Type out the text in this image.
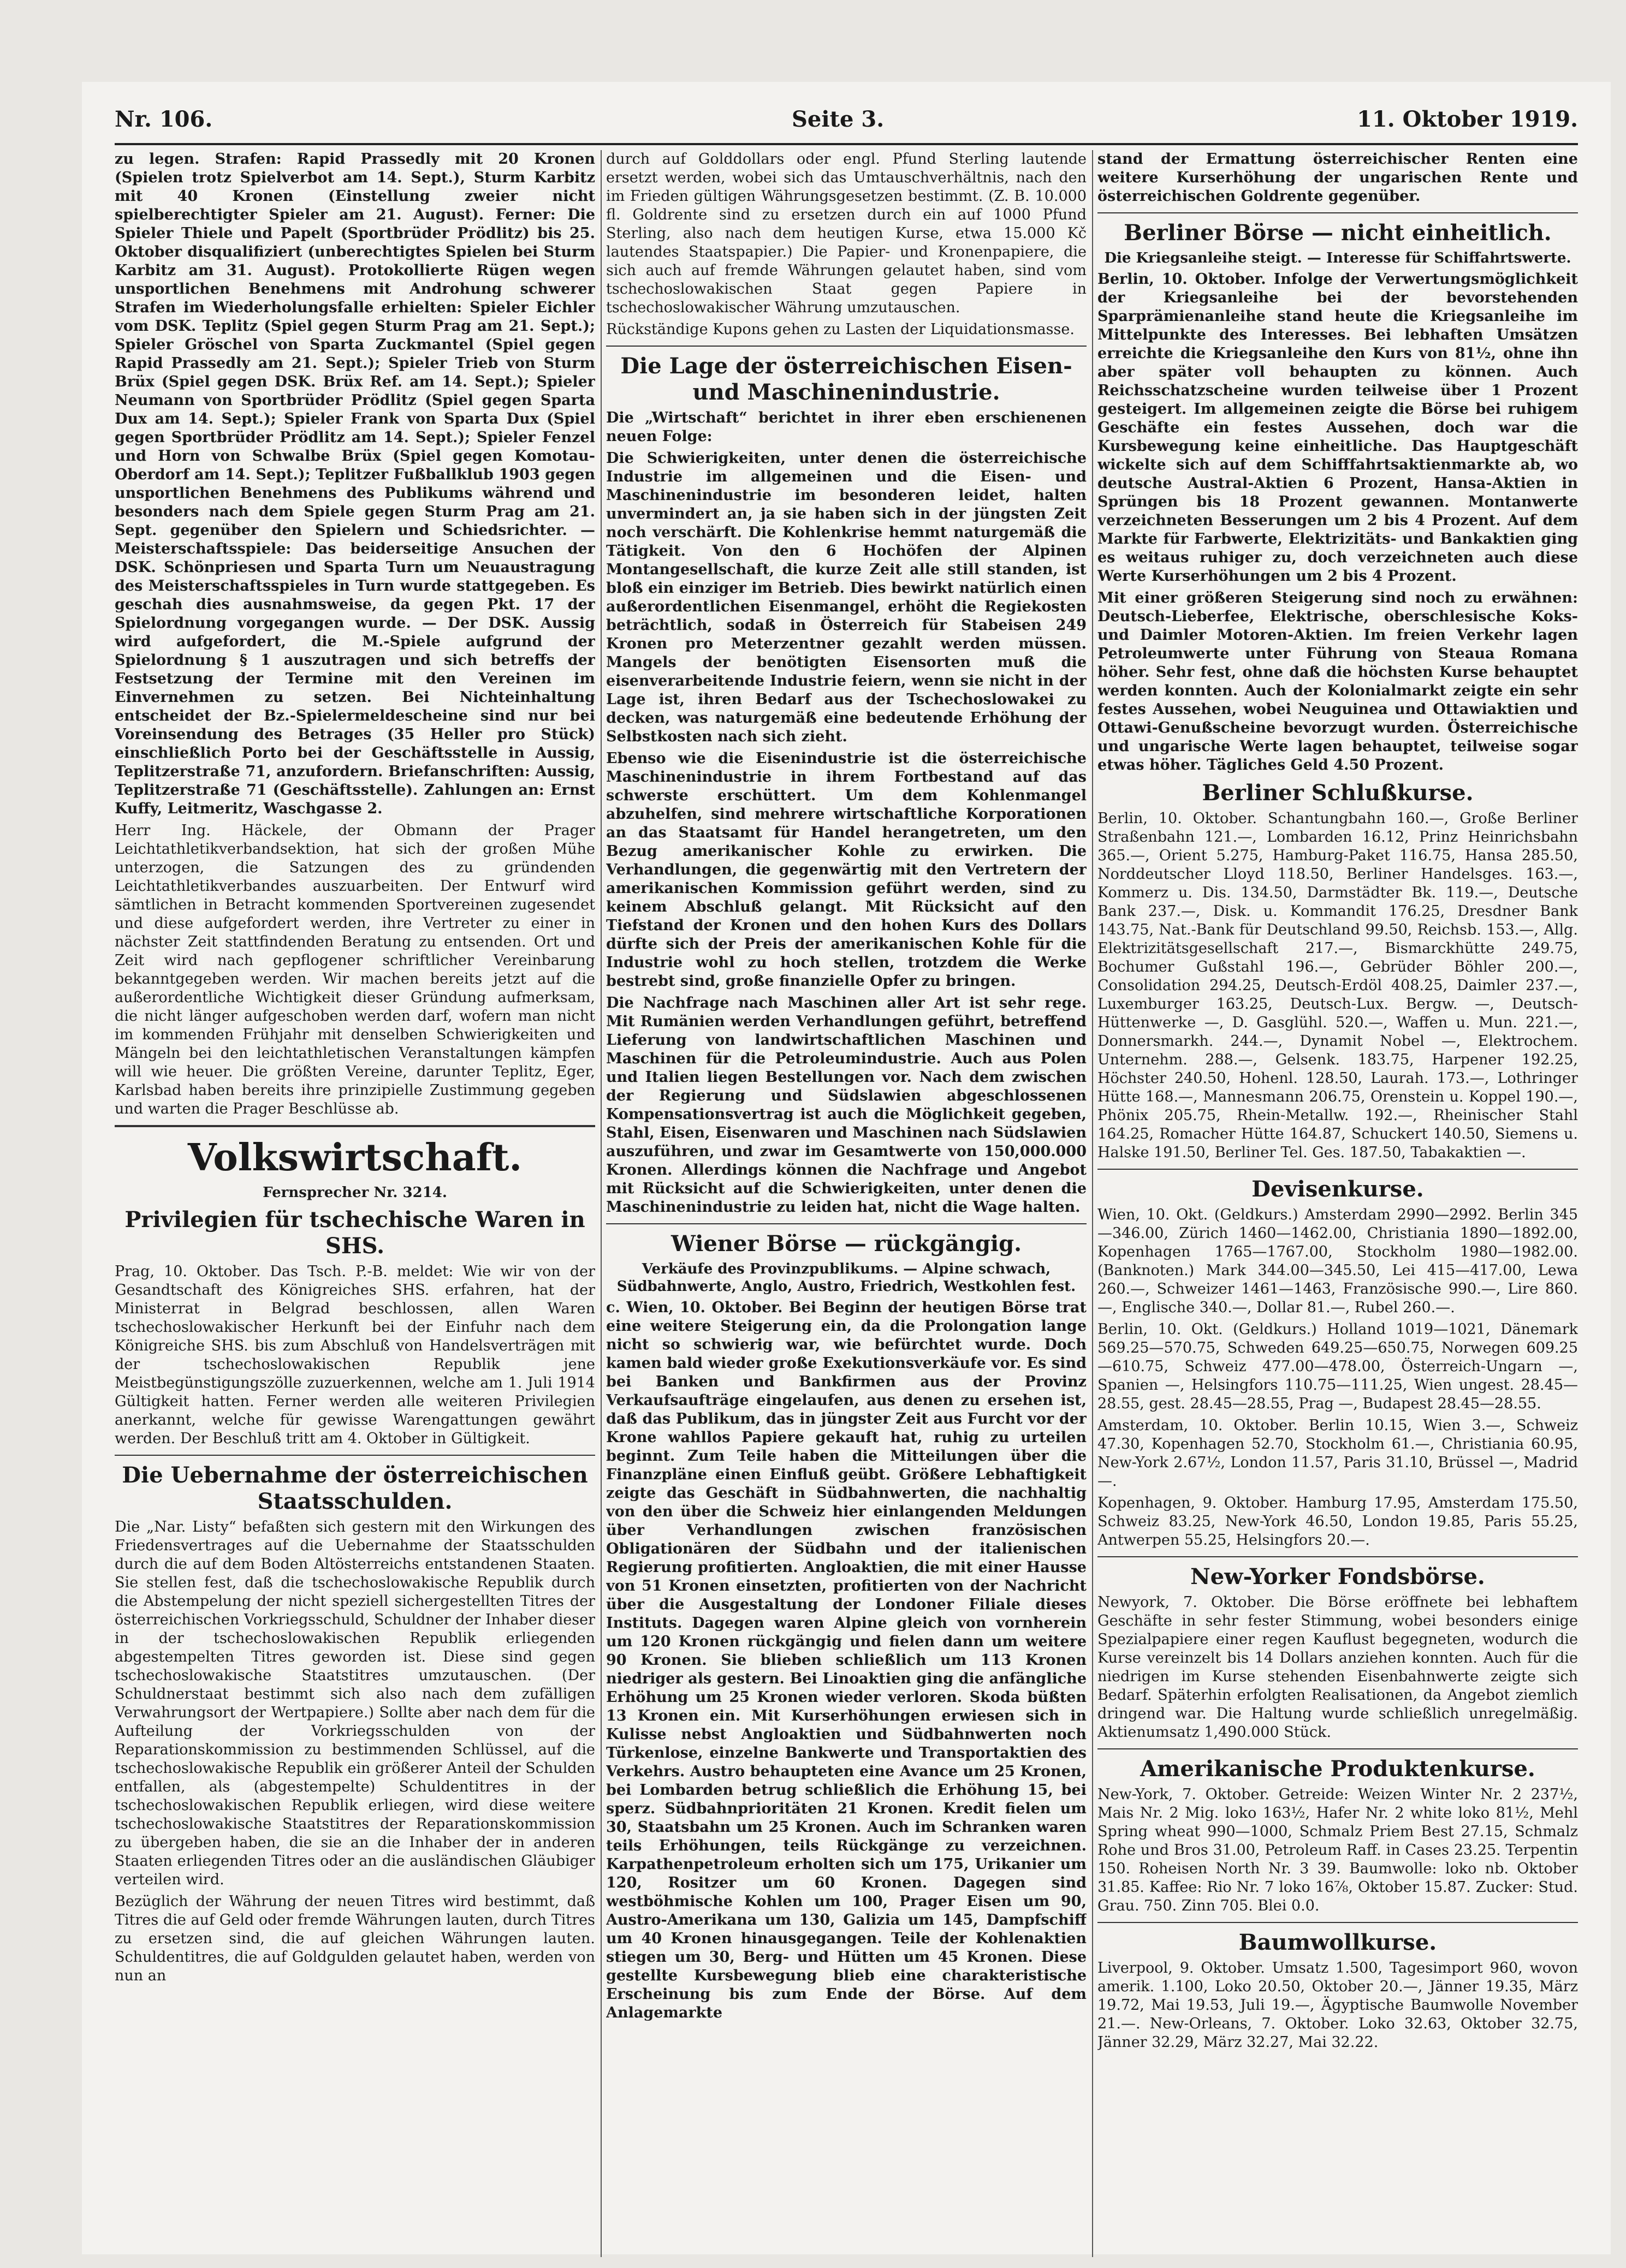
Nr. 106.	Seite 3.	11. Oktober 1919.

zu legen. Strafen: Rapid Prassedly mit 20 Kronen (Spielen trotz Spielverbot am 14. Sept.), Sturm Karbitz mit 40 Kronen (Einstellung zweier nicht spielberechtigter Spieler am 21. August). Ferner: Die Spieler Thiele und Papelt (Sportbrüder Prödlitz) bis 25. Oktober disqualifiziert (unberechtigtes Spielen bei Sturm Karbitz am 31. August). Protokollierte Rügen wegen unsportlichen Benehmens mit Androhung schwerer Strafen im Wiederholungsfalle erhielten: Spieler Eichler vom DSK. Teplitz (Spiel gegen Sturm Prag am 21. Sept.); Spieler Gröschel von Sparta Zuckmantel (Spiel gegen Rapid Prassedly am 21. Sept.); Spieler Trieb von Sturm Brüx (Spiel gegen DSK. Brüx Ref. am 14. Sept.); Spieler Neumann von Sportbrüder Prödlitz (Spiel gegen Sparta Dux am 14. Sept.); Spieler Frank von Sparta Dux (Spiel gegen Sportbrüder Prödlitz am 14. Sept.); Spieler Fenzel und Horn von Schwalbe Brüx (Spiel gegen Komotau-Oberdorf am 14. Sept.); Teplitzer Fußballklub 1903 gegen unsportlichen Benehmens des Publikums während und besonders nach dem Spiele gegen Sturm Prag am 21. Sept. gegenüber den Spielern und Schiedsrichter. — Meisterschaftsspiele: Das beiderseitige Ansuchen der DSK. Schönpriesen und Sparta Turn um Neuaustragung des Meisterschaftsspieles in Turn wurde stattgegeben. Es geschah dies ausnahmsweise, da gegen Pkt. 17 der Spielordnung vorgegangen wurde. — Der DSK. Aussig wird aufgefordert, die M.-Spiele aufgrund der Spielordnung § 1 auszutragen und sich betreffs der Festsetzung der Termine mit den Vereinen im Einvernehmen zu setzen. Bei Nichteinhaltung entscheidet der Bz.-Spielermeldescheine sind nur bei Voreinsendung des Betrages (35 Heller pro Stück) einschließlich Porto bei der Geschäftsstelle in Aussig, Teplitzerstraße 71, anzufordern. Briefanschriften: Aussig, Teplitzerstraße 71 (Geschäftsstelle). Zahlungen an: Ernst Kuffy, Leitmeritz, Waschgasse 2.

Herr Ing. Häckele, der Obmann der Prager Leichtathletikverbandsektion, hat sich der großen Mühe unterzogen, die Satzungen des zu gründenden Leichtathletikverbandes auszuarbeiten. Der Entwurf wird sämtlichen in Betracht kommenden Sportvereinen zugesendet und diese aufgefordert werden, ihre Vertreter zu einer in nächster Zeit stattfindenden Beratung zu entsenden. Ort und Zeit wird nach gepflogener schriftlicher Vereinbarung bekanntgegeben werden. Wir machen bereits jetzt auf die außerordentliche Wichtigkeit dieser Gründung aufmerksam, die nicht länger aufgeschoben werden darf, wofern man nicht im kommenden Frühjahr mit denselben Schwierigkeiten und Mängeln bei den leichtathletischen Veranstaltungen kämpfen will wie heuer. Die größten Vereine, darunter Teplitz, Eger, Karlsbad haben bereits ihre prinzipielle Zustimmung gegeben und warten die Prager Beschlüsse ab.

Volkswirtschaft.
Fernsprecher Nr. 3214.
Privilegien für tschechische Waren in SHS.

Prag, 10. Oktober. Das Tsch. P.-B. meldet: Wie wir von der Gesandtschaft des Königreiches SHS. erfahren, hat der Ministerrat in Belgrad beschlossen, allen Waren tschechoslowakischer Herkunft bei der Einfuhr nach dem Königreiche SHS. bis zum Abschluß von Handelsverträgen mit der tschechoslowakischen Republik jene Meistbegünstigungszölle zuzuerkennen, welche am 1. Juli 1914 Gültigkeit hatten. Ferner werden alle weiteren Privilegien anerkannt, welche für gewisse Warengattungen gewährt werden. Der Beschluß tritt am 4. Oktober in Gültigkeit.

Die Uebernahme der österreichischen Staatsschulden.

Die „Nar. Listy“ befaßten sich gestern mit den Wirkungen des Friedensvertrages auf die Uebernahme der Staatsschulden durch die auf dem Boden Altösterreichs entstandenen Staaten. Sie stellen fest, daß die tschechoslowakische Republik durch die Abstempelung der nicht speziell sichergestellten Titres der österreichischen Vorkriegsschuld, Schuldner der Inhaber dieser in der tschechoslowakischen Republik erliegenden abgestempelten Titres geworden ist. Diese sind gegen tschechoslowakische Staatstitres umzutauschen. (Der Schuldnerstaat bestimmt sich also nach dem zufälligen Verwahrungsort der Wertpapiere.) Sollte aber nach dem für die Aufteilung der Vorkriegsschulden von der Reparationskommission zu bestimmenden Schlüssel, auf die tschechoslowakische Republik ein größerer Anteil der Schulden entfallen, als (abgestempelte) Schuldentitres in der tschechoslowakischen Republik erliegen, wird diese weitere tschechoslowakische Staatstitres der Reparationskommission zu übergeben haben, die sie an die Inhaber der in anderen Staaten erliegenden Titres oder an die ausländischen Gläubiger verteilen wird.

Bezüglich der Währung der neuen Titres wird bestimmt, daß Titres die auf Geld oder fremde Währungen lauten, durch Titres zu ersetzen sind, die auf gleichen Währungen lauten. Schuldentitres, die auf Goldgulden gelautet haben, werden von nun an

durch auf Golddollars oder engl. Pfund Sterling lautende ersetzt werden, wobei sich das Umtauschverhältnis, nach den im Frieden gültigen Währungsgesetzen bestimmt. (Z. B. 10.000 fl. Goldrente sind zu ersetzen durch ein auf 1000 Pfund Sterling, also nach dem heutigen Kurse, etwa 15.000 Kč lautendes Staatspapier.) Die Papier- und Kronenpapiere, die sich auch auf fremde Währungen gelautet haben, sind vom tschechoslowakischen Staat gegen Papiere in tschechoslowakischer Währung umzutauschen.

Rückständige Kupons gehen zu Lasten der Liquidationsmasse.

Die Lage der österreichischen Eisen- und Maschinenindustrie.

Die „Wirtschaft“ berichtet in ihrer eben erschienenen neuen Folge:

Die Schwierigkeiten, unter denen die österreichische Industrie im allgemeinen und die Eisen- und Maschinenindustrie im besonderen leidet, halten unvermindert an, ja sie haben sich in der jüngsten Zeit noch verschärft. Die Kohlenkrise hemmt naturgemäß die Tätigkeit. Von den 6 Hochöfen der Alpinen Montangesellschaft, die kurze Zeit alle still standen, ist bloß ein einziger im Betrieb. Dies bewirkt natürlich einen außerordentlichen Eisenmangel, erhöht die Regiekosten beträchtlich, sodaß in Österreich für Stabeisen 249 Kronen pro Meterzentner gezahlt werden müssen. Mangels der benötigten Eisensorten muß die eisenverarbeitende Industrie feiern, wenn sie nicht in der Lage ist, ihren Bedarf aus der Tschechoslowakei zu decken, was naturgemäß eine bedeutende Erhöhung der Selbstkosten nach sich zieht.

Ebenso wie die Eisenindustrie ist die österreichische Maschinenindustrie in ihrem Fortbestand auf das schwerste erschüttert. Um dem Kohlenmangel abzuhelfen, sind mehrere wirtschaftliche Korporationen an das Staatsamt für Handel herangetreten, um den Bezug amerikanischer Kohle zu erwirken. Die Verhandlungen, die gegenwärtig mit den Vertretern der amerikanischen Kommission geführt werden, sind zu keinem Abschluß gelangt. Mit Rücksicht auf den Tiefstand der Kronen und den hohen Kurs des Dollars dürfte sich der Preis der amerikanischen Kohle für die Industrie wohl zu hoch stellen, trotzdem die Werke bestrebt sind, große finanzielle Opfer zu bringen.

Die Nachfrage nach Maschinen aller Art ist sehr rege. Mit Rumänien werden Verhandlungen geführt, betreffend Lieferung von landwirtschaftlichen Maschinen und Maschinen für die Petroleumindustrie. Auch aus Polen und Italien liegen Bestellungen vor. Nach dem zwischen der Regierung und Südslawien abgeschlossenen Kompensationsvertrag ist auch die Möglichkeit gegeben, Stahl, Eisen, Eisenwaren und Maschinen nach Südslawien auszuführen, und zwar im Gesamtwerte von 150,000.000 Kronen. Allerdings können die Nachfrage und Angebot mit Rücksicht auf die Schwierigkeiten, unter denen die Maschinenindustrie zu leiden hat, nicht die Wage halten.

Wiener Börse — rückgängig.
Verkäufe des Provinzpublikums. — Alpine schwach, Südbahnwerte, Anglo, Austro, Friedrich, Westkohlen fest.

c. Wien, 10. Oktober. Bei Beginn der heutigen Börse trat eine weitere Steigerung ein, da die Prolongation lange nicht so schwierig war, wie befürchtet wurde. Doch kamen bald wieder große Exekutionsverkäufe vor. Es sind bei Banken und Bankfirmen aus der Provinz Verkaufsaufträge eingelaufen, aus denen zu ersehen ist, daß das Publikum, das in jüngster Zeit aus Furcht vor der Krone wahllos Papiere gekauft hat, ruhig zu urteilen beginnt. Zum Teile haben die Mitteilungen über die Finanzpläne einen Einfluß geübt. Größere Lebhaftigkeit zeigte das Geschäft in Südbahnwerten, die nachhaltig von den über die Schweiz hier einlangenden Meldungen über Verhandlungen zwischen französischen Obligationären der Südbahn und der italienischen Regierung profitierten. Angloaktien, die mit einer Hausse von 51 Kronen einsetzten, profitierten von der Nachricht über die Ausgestaltung der Londoner Filiale dieses Instituts. Dagegen waren Alpine gleich von vornherein um 120 Kronen rückgängig und fielen dann um weitere 90 Kronen. Sie blieben schließlich um 113 Kronen niedriger als gestern. Bei Linoaktien ging die anfängliche Erhöhung um 25 Kronen wieder verloren. Skoda büßten 13 Kronen ein. Mit Kurserhöhungen erwiesen sich in Kulisse nebst Angloaktien und Südbahnwerten noch Türkenlose, einzelne Bankwerte und Transportaktien des Verkehrs. Austro behaupteten eine Avance um 25 Kronen, bei Lombarden betrug schließlich die Erhöhung 15, bei sperz. Südbahnprioritäten 21 Kronen. Kredit fielen um 30, Staatsbahn um 25 Kronen. Auch im Schranken waren teils Erhöhungen, teils Rückgänge zu verzeichnen. Karpathenpetroleum erholten sich um 175, Urikanier um 120, Rositzer um 60 Kronen. Dagegen sind westböhmische Kohlen um 100, Prager Eisen um 90, Austro-Amerikana um 130, Galizia um 145, Dampfschiff um 40 Kronen hinausgegangen. Teile der Kohlenaktien stiegen um 30, Berg- und Hütten um 45 Kronen. Diese gestellte Kursbewegung blieb eine charakteristische Erscheinung bis zum Ende der Börse. Auf dem Anlagemarkte

stand der Ermattung österreichischer Renten eine weitere Kurserhöhung der ungarischen Rente und österreichischen Goldrente gegenüber.

Berliner Börse — nicht einheitlich.
Die Kriegsanleihe steigt. — Interesse für Schiffahrtswerte.

Berlin, 10. Oktober. Infolge der Verwertungsmöglichkeit der Kriegsanleihe bei der bevorstehenden Sparprämienanleihe stand heute die Kriegsanleihe im Mittelpunkte des Interesses. Bei lebhaften Umsätzen erreichte die Kriegsanleihe den Kurs von 81½, ohne ihn aber später voll behaupten zu können. Auch Reichsschatzscheine wurden teilweise über 1 Prozent gesteigert. Im allgemeinen zeigte die Börse bei ruhigem Geschäfte ein festes Aussehen, doch war die Kursbewegung keine einheitliche. Das Hauptgeschäft wickelte sich auf dem Schifffahrtsaktienmarkte ab, wo deutsche Austral-Aktien 6 Prozent, Hansa-Aktien in Sprüngen bis 18 Prozent gewannen. Montanwerte verzeichneten Besserungen um 2 bis 4 Prozent. Auf dem Markte für Farbwerte, Elektrizitäts- und Bankaktien ging es weitaus ruhiger zu, doch verzeichneten auch diese Werte Kurserhöhungen um 2 bis 4 Prozent.

Mit einer größeren Steigerung sind noch zu erwähnen: Deutsch-Lieberfee, Elektrische, oberschlesische Koks- und Daimler Motoren-Aktien. Im freien Verkehr lagen Petroleumwerte unter Führung von Steaua Romana höher. Sehr fest, ohne daß die höchsten Kurse behauptet werden konnten. Auch der Kolonialmarkt zeigte ein sehr festes Aussehen, wobei Neuguinea und Ottawiaktien und Ottawi-Genußscheine bevorzugt wurden. Österreichische und ungarische Werte lagen behauptet, teilweise sogar etwas höher. Tägliches Geld 4.50 Prozent.

Berliner Schlußkurse.

Berlin, 10. Oktober. Schantungbahn 160.—, Große Berliner Straßenbahn 121.—, Lombarden 16.12, Prinz Heinrichsbahn 365.—, Orient 5.275, Hamburg-Paket 116.75, Hansa 285.50, Norddeutscher Lloyd 118.50, Berliner Handelsges. 163.—, Kommerz u. Dis. 134.50, Darmstädter Bk. 119.—, Deutsche Bank 237.—, Disk. u. Kommandit 176.25, Dresdner Bank 143.75, Nat.-Bank für Deutschland 99.50, Reichsb. 153.—, Allg. Elektrizitätsgesellschaft 217.—, Bismarckhütte 249.75, Bochumer Gußstahl 196.—, Gebrüder Böhler 200.—, Consolidation 294.25, Deutsch-Erdöl 408.25, Daimler 237.—, Luxemburger 163.25, Deutsch-Lux. Bergw. —, Deutsch-Hüttenwerke —, D. Gasglühl. 520.—, Waffen u. Mun. 221.—, Donnersmarkh. 244.—, Dynamit Nobel —, Elektrochem. Unternehm. 288.—, Gelsenk. 183.75, Harpener 192.25, Höchster 240.50, Hohenl. 128.50, Laurah. 173.—, Lothringer Hütte 168.—, Mannesmann 206.75, Orenstein u. Koppel 190.—, Phönix 205.75, Rhein-Metallw. 192.—, Rheinischer Stahl 164.25, Romacher Hütte 164.87, Schuckert 140.50, Siemens u. Halske 191.50, Berliner Tel. Ges. 187.50, Tabakaktien —.

Devisenkurse.

Wien, 10. Okt. (Geldkurs.) Amsterdam 2990—2992. Berlin 345—346.00, Zürich 1460—1462.00, Christiania 1890—1892.00, Kopenhagen 1765—1767.00, Stockholm 1980—1982.00. (Banknoten.) Mark 344.00—345.50, Lei 415—417.00, Lewa 260.—, Schweizer 1461—1463, Französische 990.—, Lire 860.—, Englische 340.—, Dollar 81.—, Rubel 260.—.

Berlin, 10. Okt. (Geldkurs.) Holland 1019—1021, Dänemark 569.25—570.75, Schweden 649.25—650.75, Norwegen 609.25—610.75, Schweiz 477.00—478.00, Österreich-Ungarn —, Spanien —, Helsingfors 110.75—111.25, Wien ungest. 28.45—28.55, gest. 28.45—28.55, Prag —, Budapest 28.45—28.55.

Amsterdam, 10. Oktober. Berlin 10.15, Wien 3.—, Schweiz 47.30, Kopenhagen 52.70, Stockholm 61.—, Christiania 60.95, New-York 2.67½, London 11.57, Paris 31.10, Brüssel —, Madrid —.

Kopenhagen, 9. Oktober. Hamburg 17.95, Amsterdam 175.50, Schweiz 83.25, New-York 46.50, London 19.85, Paris 55.25, Antwerpen 55.25, Helsingfors 20.—.

New-Yorker Fondsbörse.

Newyork, 7. Oktober. Die Börse eröffnete bei lebhaftem Geschäfte in sehr fester Stimmung, wobei besonders einige Spezialpapiere einer regen Kauflust begegneten, wodurch die Kurse vereinzelt bis 14 Dollars anziehen konnten. Auch für die niedrigen im Kurse stehenden Eisenbahnwerte zeigte sich Bedarf. Späterhin erfolgten Realisationen, da Angebot ziemlich dringend war. Die Haltung wurde schließlich unregelmäßig. Aktienumsatz 1,490.000 Stück.

Amerikanische Produktenkurse.

New-York, 7. Oktober. Getreide: Weizen Winter Nr. 2 237½, Mais Nr. 2 Mig. loko 163½, Hafer Nr. 2 white loko 81½, Mehl Spring wheat 990—1000, Schmalz Priem Best 27.15, Schmalz Rohe und Bros 31.00, Petroleum Raff. in Cases 23.25. Terpentin 150. Roheisen North Nr. 3 39. Baumwolle: loko nb. Oktober 31.85. Kaffee: Rio Nr. 7 loko 16⅞, Oktober 15.87. Zucker: Stud. Grau. 750. Zinn 705. Blei 0.0.

Baumwollkurse.

Liverpool, 9. Oktober. Umsatz 1.500, Tagesimport 960, wovon amerik. 1.100, Loko 20.50, Oktober 20.—, Jänner 19.35, März 19.72, Mai 19.53, Juli 19.—, Ägyptische Baumwolle November 21.—. New-Orleans, 7. Oktober. Loko 32.63, Oktober 32.75, Jänner 32.29, März 32.27, Mai 32.22.
